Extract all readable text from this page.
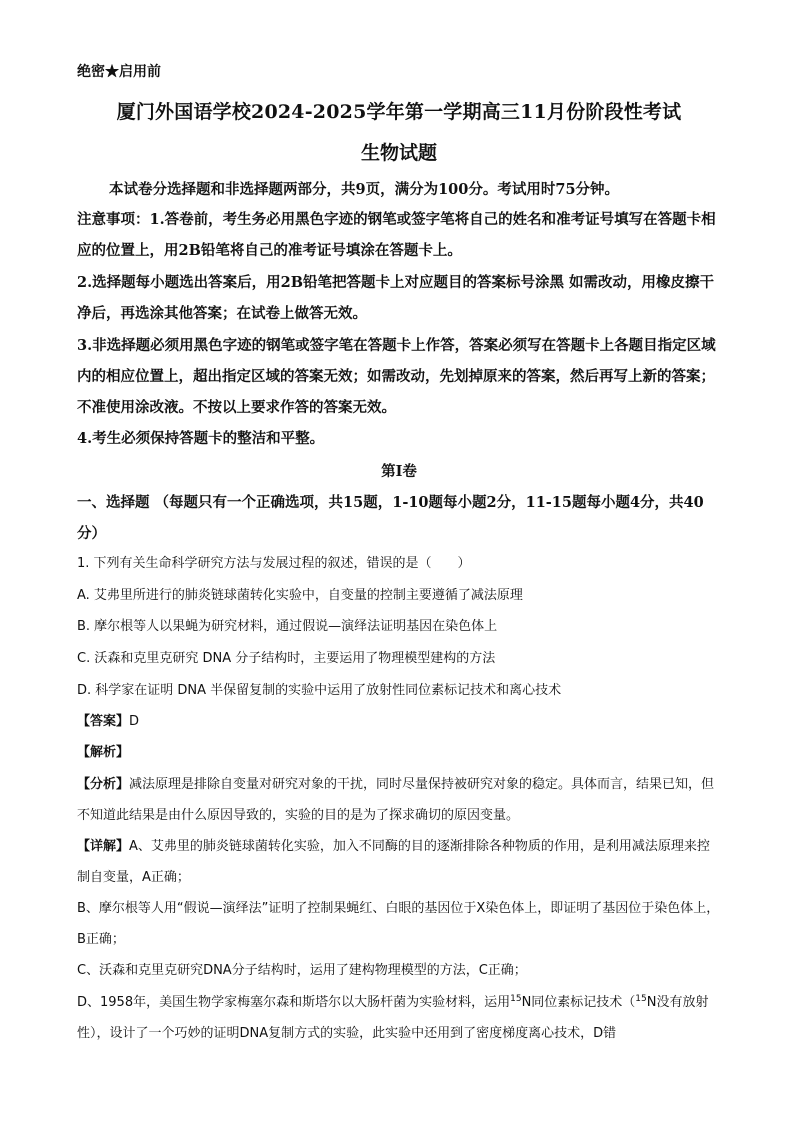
绝密★启用前
厦门外国语学校2024-2025学年第一学期高三11月份阶段性考试
生物试题
本试卷分选择题和非选择题两部分，共9页，满分为100分。考试用时75分钟。
注意事项：1.答卷前，考生务必用黑色字迹的钢笔或签字笔将自己的姓名和准考证号填写在答题卡相应的位置上，用2B铅笔将自己的准考证号填涂在答题卡上。
2.选择题每小题选出答案后，用2B铅笔把答题卡上对应题目的答案标号涂黑 如需改动，用橡皮擦干净后，再选涂其他答案；在试卷上做答无效。
3.非选择题必须用黑色字迹的钢笔或签字笔在答题卡上作答，答案必须写在答题卡上各题目指定区域内的相应位置上，超出指定区域的答案无效；如需改动，先划掉原来的答案，然后再写上新的答案；不准使用涂改液。不按以上要求作答的答案无效。
4.考生必须保持答题卡的整洁和平整。
第Ⅰ卷
一、选择题 （每题只有一个正确选项，共15题，1-10题每小题2分，11-15题每小题4分，共40分）
1. 下列有关生命科学研究方法与发展过程的叙述，错误的是（　　）
A. 艾弗里所进行的肺炎链球菌转化实验中，自变量的控制主要遵循了减法原理
B. 摩尔根等人以果蝇为研究材料，通过假说—演绎法证明基因在染色体上
C. 沃森和克里克研究 DNA 分子结构时，主要运用了物理模型建构的方法
D. 科学家在证明 DNA 半保留复制的实验中运用了放射性同位素标记技术和离心技术
【答案】D
【解析】
【分析】减法原理是排除自变量对研究对象的干扰，同时尽量保持被研究对象的稳定。具体而言，结果已知，但不知道此结果是由什么原因导致的，实验的目的是为了探求确切的原因变量。
【详解】A、艾弗里的肺炎链球菌转化实验，加入不同酶的目的逐渐排除各种物质的作用，是利用减法原理来控制自变量，A正确；
B、摩尔根等人用“假说—演绎法”证明了控制果蝇红、白眼的基因位于X染色体上，即证明了基因位于染色体上，B正确；
C、沃森和克里克研究DNA分子结构时，运用了建构物理模型的方法，C正确；
D、1958年，美国生物学家梅塞尔森和斯塔尔以大肠杆菌为实验材料，运用$^{15}$N同位素标记技术（$^{15}$N没有放射性），设计了一个巧妙的证明DNA复制方式的实验，此实验中还用到了密度梯度离心技术，D错
